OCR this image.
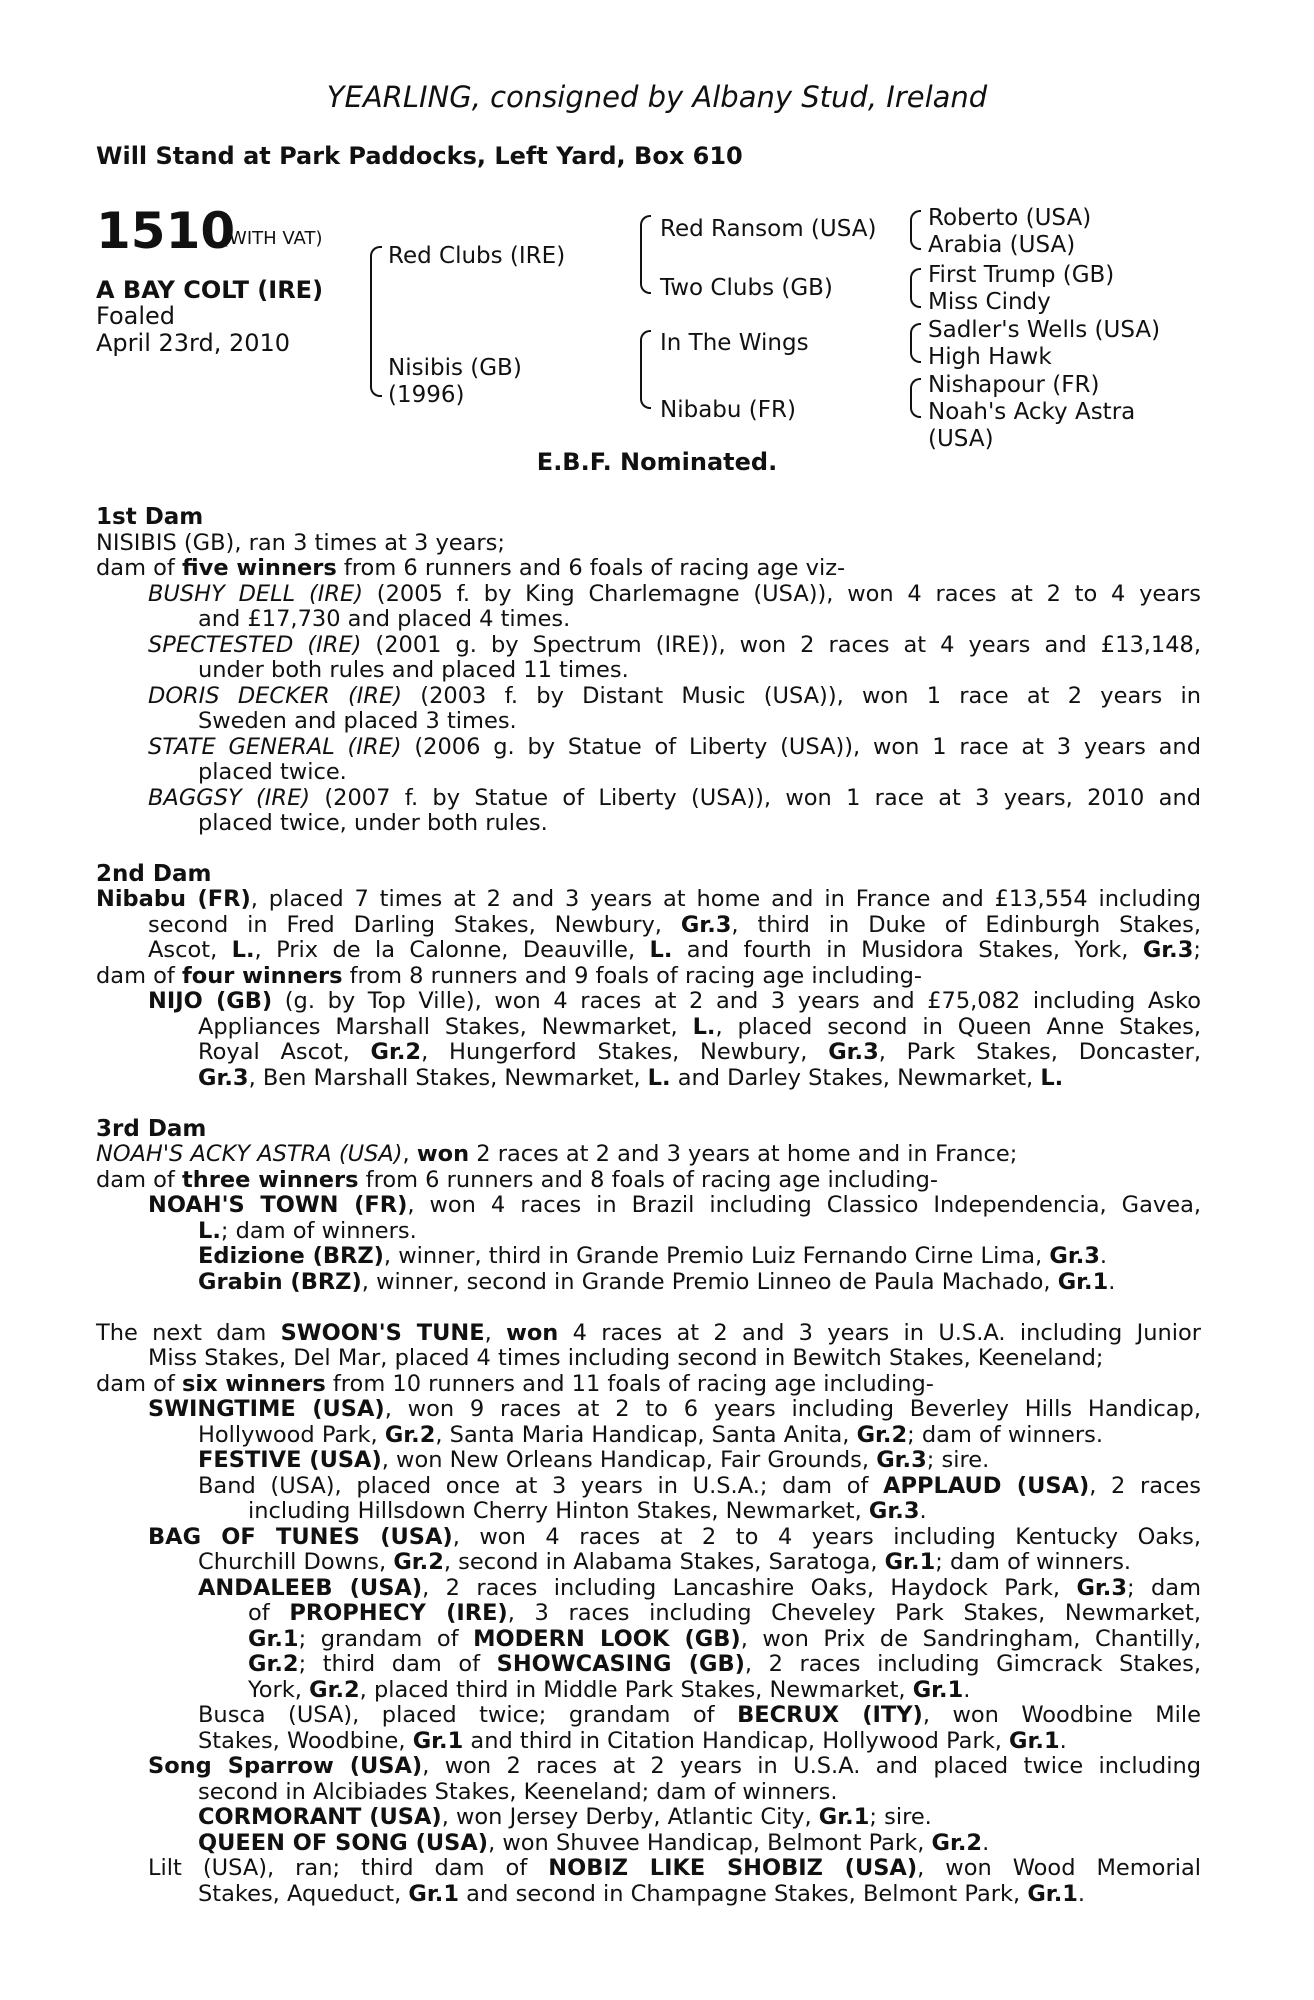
YEARLING, consigned by Albany Stud, Ireland
Will Stand at Park Paddocks, Left Yard, Box 610
1510
(WITH VAT)
A BAY COLT (IRE)
Foaled
April 23rd, 2010
Red Clubs (IRE)
Nisibis (GB)
(1996)
Red Ransom (USA)
Two Clubs (GB)
In The Wings
Nibabu (FR)
Roberto (USA)
Arabia (USA)
First Trump (GB)
Miss Cindy
Sadler's Wells (USA)
High Hawk
Nishapour (FR)
Noah's Acky Astra
(USA)
E.B.F. Nominated.
1st Dam
NISIBIS (GB), ran 3 times at 3 years;
dam of five winners from 6 runners and 6 foals of racing age viz-
BUSHY DELL (IRE) (2005 f. by King Charlemagne (USA)), won 4 races at 2 to 4 years
and £17,730 and placed 4 times.
SPECTESTED (IRE) (2001 g. by Spectrum (IRE)), won 2 races at 4 years and £13,148,
under both rules and placed 11 times.
DORIS DECKER (IRE) (2003 f. by Distant Music (USA)), won 1 race at 2 years in
Sweden and placed 3 times.
STATE GENERAL (IRE) (2006 g. by Statue of Liberty (USA)), won 1 race at 3 years and
placed twice.
BAGGSY (IRE) (2007 f. by Statue of Liberty (USA)), won 1 race at 3 years, 2010 and
placed twice, under both rules.
2nd Dam
Nibabu (FR), placed 7 times at 2 and 3 years at home and in France and £13,554 including
second in Fred Darling Stakes, Newbury, Gr.3, third in Duke of Edinburgh Stakes,
Ascot, L., Prix de la Calonne, Deauville, L. and fourth in Musidora Stakes, York, Gr.3;
dam of four winners from 8 runners and 9 foals of racing age including-
NIJO (GB) (g. by Top Ville), won 4 races at 2 and 3 years and £75,082 including Asko
Appliances Marshall Stakes, Newmarket, L., placed second in Queen Anne Stakes,
Royal Ascot, Gr.2, Hungerford Stakes, Newbury, Gr.3, Park Stakes, Doncaster,
Gr.3, Ben Marshall Stakes, Newmarket, L. and Darley Stakes, Newmarket, L.
3rd Dam
NOAH'S ACKY ASTRA (USA), won 2 races at 2 and 3 years at home and in France;
dam of three winners from 6 runners and 8 foals of racing age including-
NOAH'S TOWN (FR), won 4 races in Brazil including Classico Independencia, Gavea,
L.; dam of winners.
Edizione (BRZ), winner, third in Grande Premio Luiz Fernando Cirne Lima, Gr.3.
Grabin (BRZ), winner, second in Grande Premio Linneo de Paula Machado, Gr.1.
The next dam SWOON'S TUNE, won 4 races at 2 and 3 years in U.S.A. including Junior
Miss Stakes, Del Mar, placed 4 times including second in Bewitch Stakes, Keeneland;
dam of six winners from 10 runners and 11 foals of racing age including-
SWINGTIME (USA), won 9 races at 2 to 6 years including Beverley Hills Handicap,
Hollywood Park, Gr.2, Santa Maria Handicap, Santa Anita, Gr.2; dam of winners.
FESTIVE (USA), won New Orleans Handicap, Fair Grounds, Gr.3; sire.
Band (USA), placed once at 3 years in U.S.A.; dam of APPLAUD (USA), 2 races
including Hillsdown Cherry Hinton Stakes, Newmarket, Gr.3.
BAG OF TUNES (USA), won 4 races at 2 to 4 years including Kentucky Oaks,
Churchill Downs, Gr.2, second in Alabama Stakes, Saratoga, Gr.1; dam of winners.
ANDALEEB (USA), 2 races including Lancashire Oaks, Haydock Park, Gr.3; dam
of PROPHECY (IRE), 3 races including Cheveley Park Stakes, Newmarket,
Gr.1; grandam of MODERN LOOK (GB), won Prix de Sandringham, Chantilly,
Gr.2; third dam of SHOWCASING (GB), 2 races including Gimcrack Stakes,
York, Gr.2, placed third in Middle Park Stakes, Newmarket, Gr.1.
Busca (USA), placed twice; grandam of BECRUX (ITY), won Woodbine Mile
Stakes, Woodbine, Gr.1 and third in Citation Handicap, Hollywood Park, Gr.1.
Song Sparrow (USA), won 2 races at 2 years in U.S.A. and placed twice including
second in Alcibiades Stakes, Keeneland; dam of winners.
CORMORANT (USA), won Jersey Derby, Atlantic City, Gr.1; sire.
QUEEN OF SONG (USA), won Shuvee Handicap, Belmont Park, Gr.2.
Lilt (USA), ran; third dam of NOBIZ LIKE SHOBIZ (USA), won Wood Memorial
Stakes, Aqueduct, Gr.1 and second in Champagne Stakes, Belmont Park, Gr.1.
